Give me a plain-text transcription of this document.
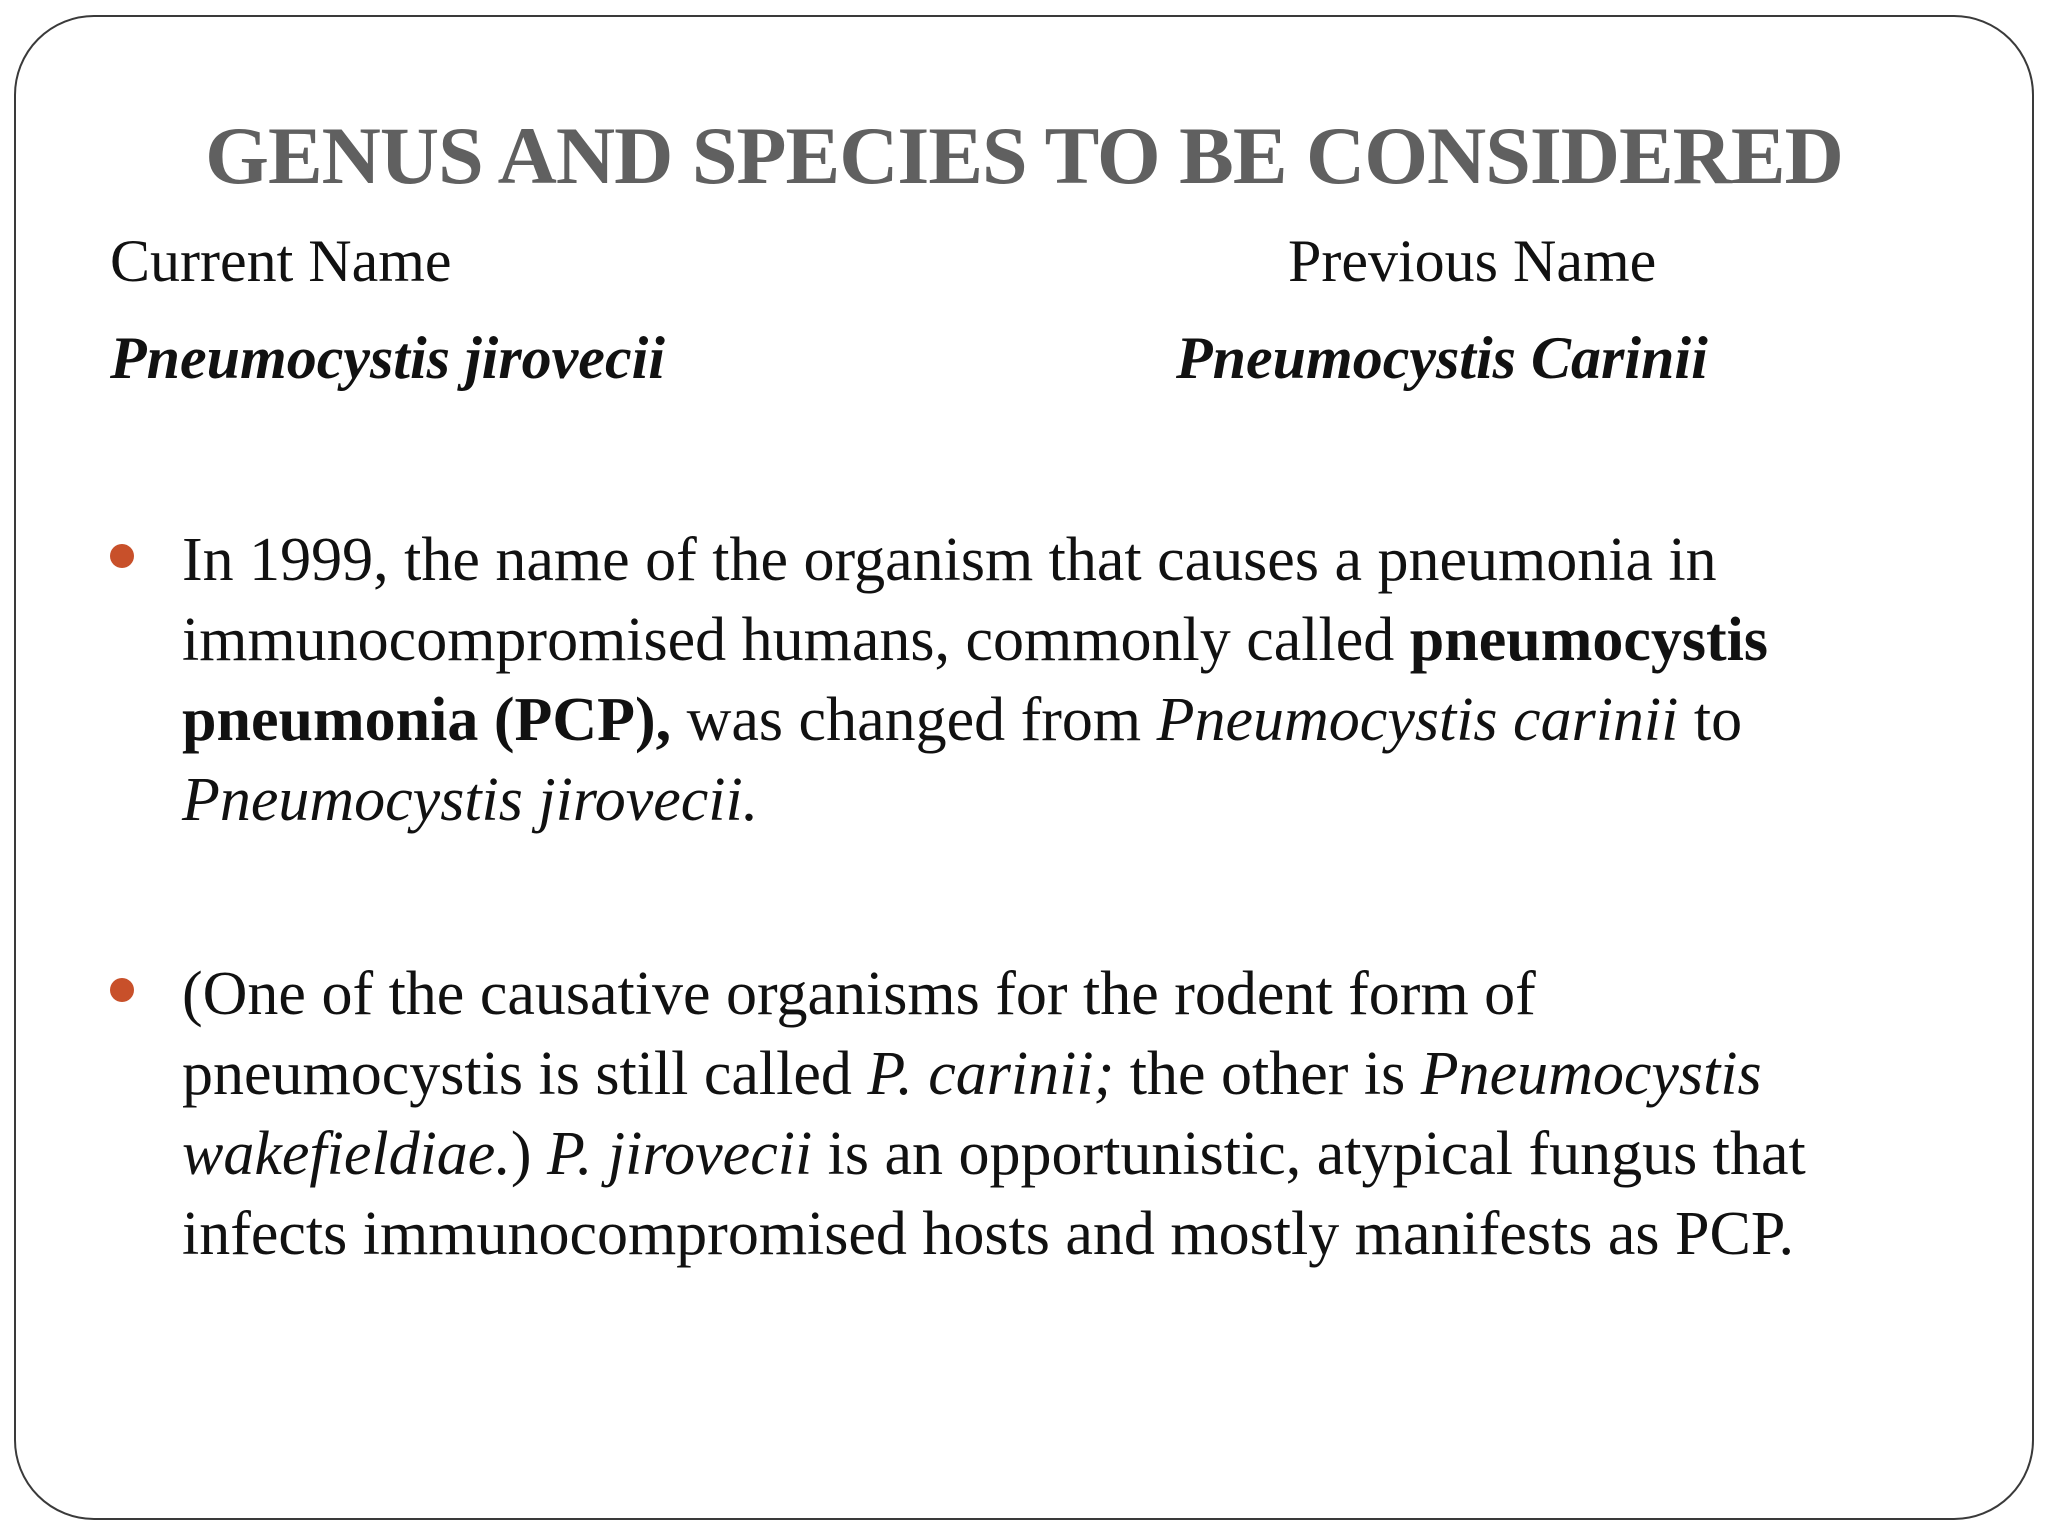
GENUS AND SPECIES TO BE CONSIDERED
Current Name	Previous Name
Pneumocystis jirovecii	Pneumocystis Carinii

In 1999, the name of the organism that causes a pneumonia in

immunocompromised humans, commonly called pneumocystis

pneumonia (PCP), was changed from Pneumocystis carinii to

Pneumocystis jirovecii.

(One of the causative organisms for the rodent form of

pneumocystis is still called P. carinii; the other is Pneumocystis

wakefieldiae.) P. jirovecii is an opportunistic, atypical fungus that

infects immunocompromised hosts and mostly manifests as PCP.
